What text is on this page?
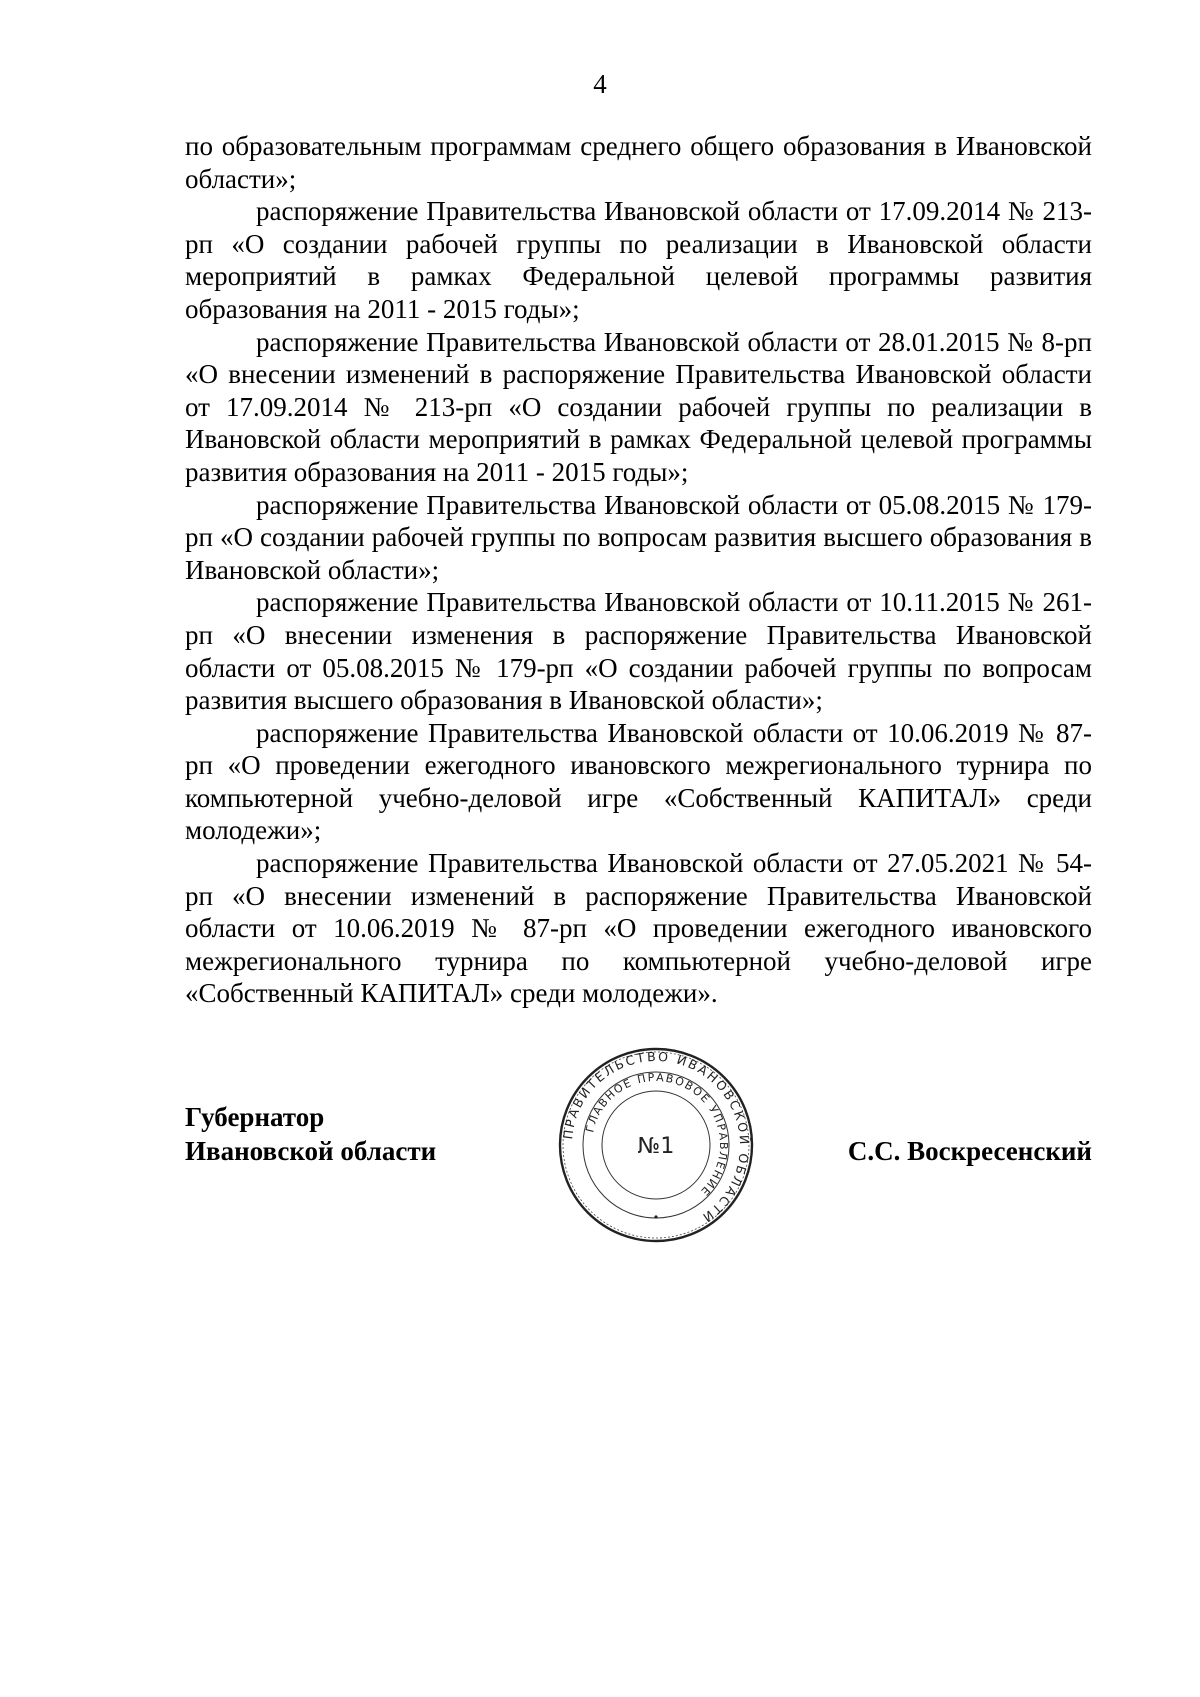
4

по образовательным программам среднего общего образования в Ивановской области»;

распоряжение Правительства Ивановской области от 17.09.2014 № 213-рп «О создании рабочей группы по реализации в Ивановской области мероприятий в рамках Федеральной целевой программы развития образования на 2011 - 2015 годы»;

распоряжение Правительства Ивановской области от 28.01.2015 № 8-рп «О внесении изменений в распоряжение Правительства Ивановской области от 17.09.2014 № 213-рп «О создании рабочей группы по реализации в Ивановской области мероприятий в рамках Федеральной целевой программы развития образования на 2011 - 2015 годы»;

распоряжение Правительства Ивановской области от 05.08.2015 № 179-рп «О создании рабочей группы по вопросам развития высшего образования в Ивановской области»;

распоряжение Правительства Ивановской области от 10.11.2015 № 261-рп «О внесении изменения в распоряжение Правительства Ивановской области от 05.08.2015 № 179-рп «О создании рабочей группы по вопросам развития высшего образования в Ивановской области»;

распоряжение Правительства Ивановской области от 10.06.2019 № 87-рп «О проведении ежегодного ивановского межрегионального турнира по компьютерной учебно-деловой игре «Собственный КАПИТАЛ» среди молодежи»;

распоряжение Правительства Ивановской области от 27.05.2021 № 54-рп «О внесении изменений в распоряжение Правительства Ивановской области от 10.06.2019 № 87-рп «О проведении ежегодного ивановского межрегионального турнира по компьютерной учебно-деловой игре «Собственный КАПИТАЛ» среди молодежи».

Губернатор
Ивановской области	С.С. Воскресенский
ПРАВИТЕЛЬСТВО ИВАНОВСКОЙ ОБЛАСТИ
ГЛАВНОЕ ПРАВОВОЕ УПРАВЛЕНИЕ
№1
